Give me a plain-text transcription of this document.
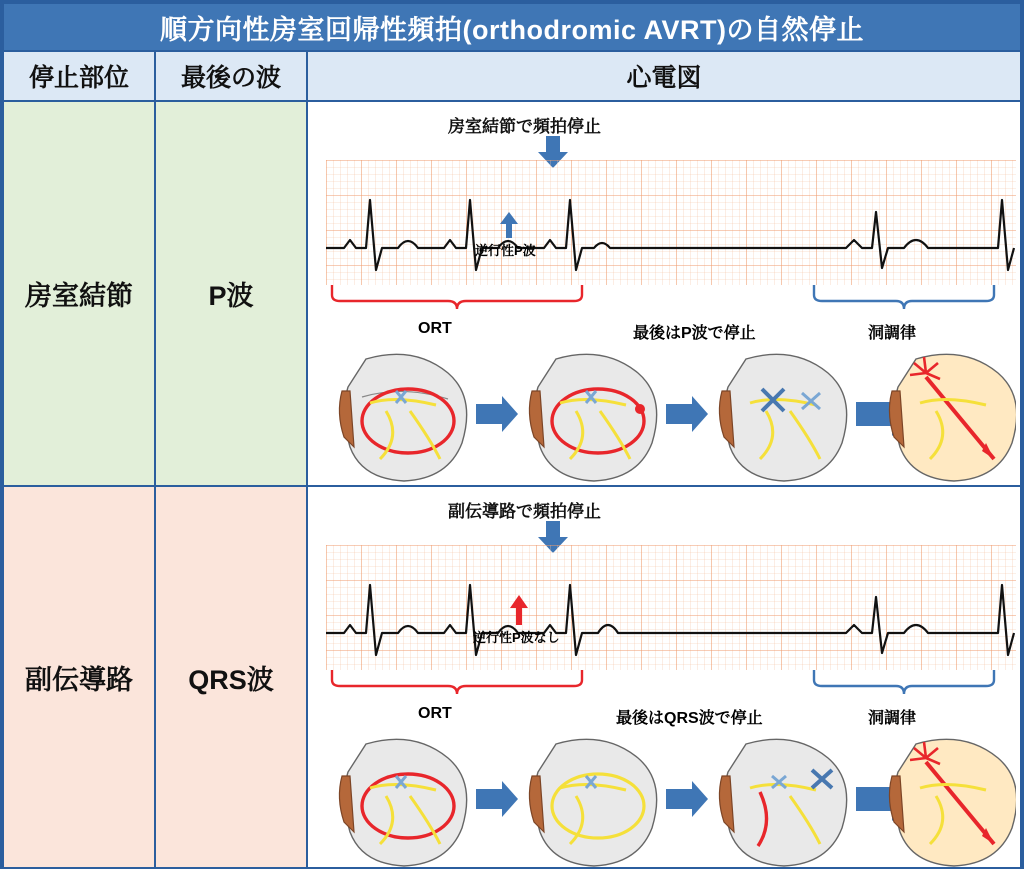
順方向性房室回帰性頻拍(orthodromic AVRT)の自然停止
停止部位	最後の波	心電図
房室結節	P波
房室結節で頻拍停止
逆行性P波
ORT	最後はP波で停止	洞調律
副伝導路	QRS波
副伝導路で頻拍停止
逆行性P波なし
ORT	最後はQRS波で停止	洞調律
